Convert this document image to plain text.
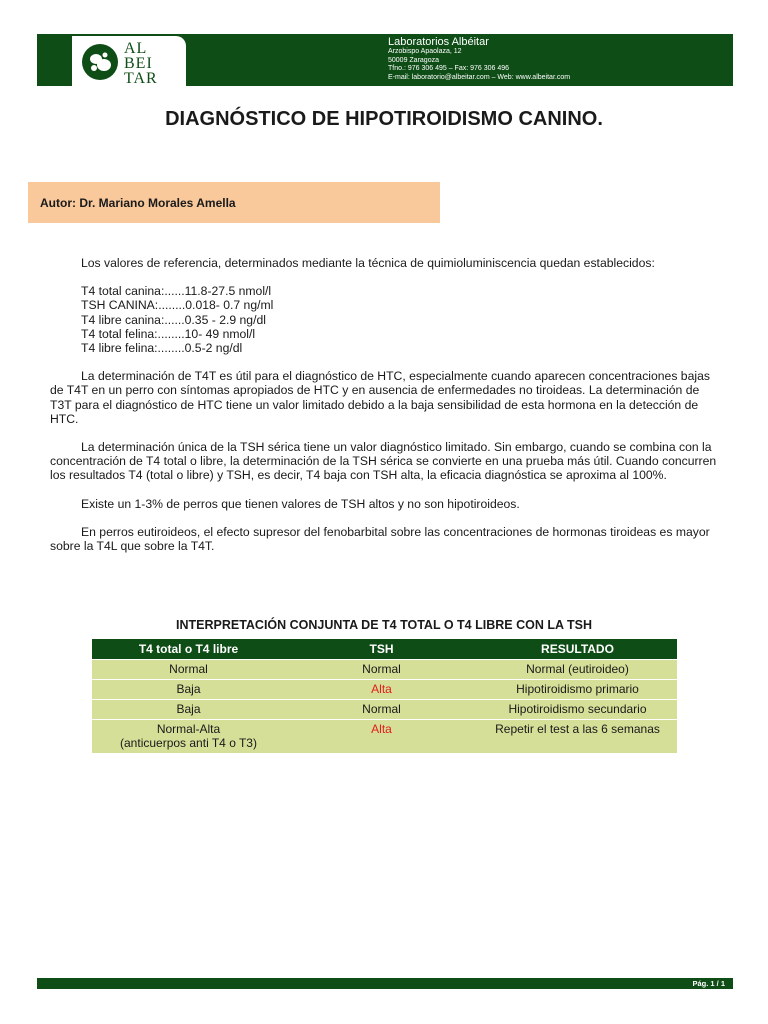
AL
BEI
TAR
Laboratorios Albéitar
Arzobispo Apaolaza, 12
50009 Zaragoza
Tfno.: 976 306 495 – Fax: 976 306 496
E-mail: laboratorio@albeitar.com – Web: www.albeitar.com
DIAGNÓSTICO DE HIPOTIROIDISMO CANINO.
Autor: Dr. Mariano Morales Amella

Los valores de referencia, determinados mediante la técnica de quimioluminiscencia quedan establecidos:

T4 total canina:......11.8-27.5 nmol/l
TSH CANINA:........0.018- 0.7 ng/ml
T4 libre canina:......0.35 - 2.9 ng/dl
T4 total felina:........10- 49 nmol/l
T4 libre felina:........0.5-2 ng/dl

La determinación de T4T es útil para el diagnóstico de HTC, especialmente cuando aparecen concentraciones bajas de T4T en un perro con síntomas apropiados de HTC y en ausencia de enfermedades no tiroideas. La determinación de T3T para el diagnóstico de HTC tiene un valor limitado debido a la baja sensibilidad de esta hormona en la detección de HTC.

La determinación única de la TSH sérica tiene un valor diagnóstico limitado. Sin embargo, cuando se combina con la concentración de T4 total o libre, la determinación de la TSH sérica se convierte en una prueba más útil. Cuando concurren los resultados T4 (total o libre) y TSH, es decir, T4 baja con TSH alta, la eficacia diagnóstica se aproxima al 100%.

Existe un 1-3% de perros que tienen valores de TSH altos y no son hipotiroideos.

En perros eutiroideos, el efecto supresor del fenobarbital sobre las concentraciones de hormonas tiroideas es mayor sobre la T4L que sobre la T4T.

INTERPRETACIÓN CONJUNTA DE T4 TOTAL O T4 LIBRE CON LA TSH
T4 total o T4 libre	TSH	RESULTADO

Normal	Normal	Normal (eutiroideo)

Baja	Alta	Hipotiroidismo primario

Baja	Normal	Hipotiroidismo secundario

Normal-Alta
(anticuerpos anti T4 o T3)	Alta	Repetir el test a las 6 semanas
Pág. 1 / 1
